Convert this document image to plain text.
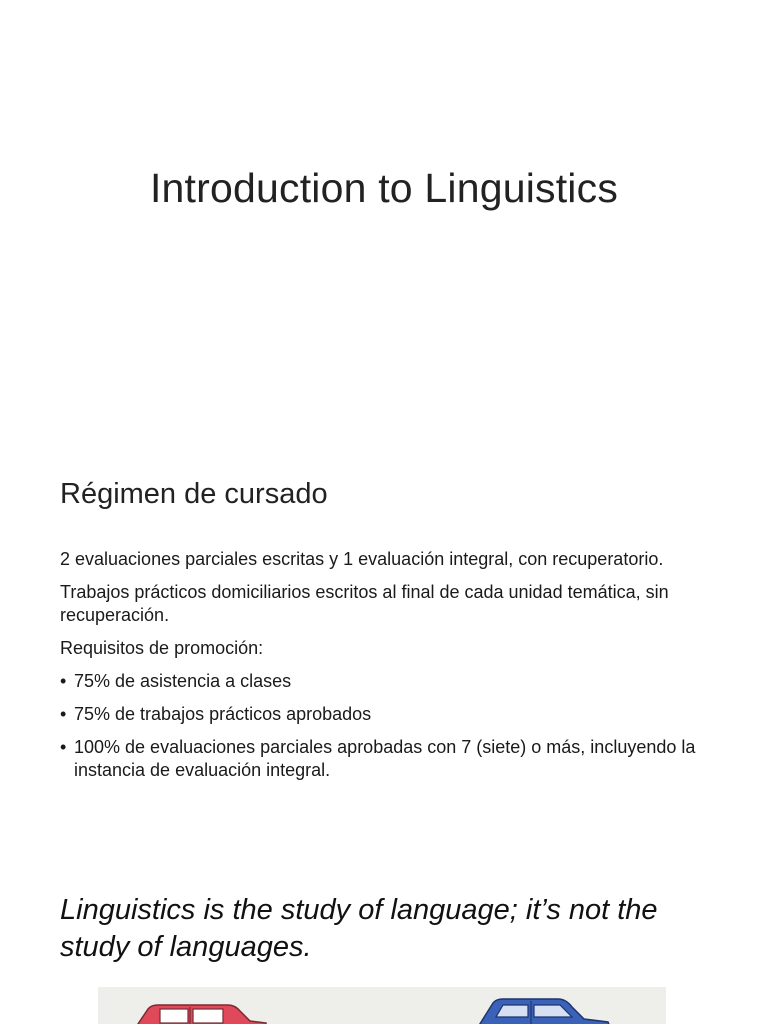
Introduction to Linguistics
Régimen de cursado

2 evaluaciones parciales escritas y 1 evaluación integral, con recuperatorio.

Trabajos prácticos domiciliarios escritos al final de cada unidad temática, sin recuperación.

Requisitos de promoción:

• 75% de asistencia a clases
• 75% de trabajos prácticos aprobados
• 100% de evaluaciones parciales aprobadas con 7 (siete) o más, incluyendo la instancia de evaluación integral.
Linguistics is the study of language; it’s not the study of languages.
